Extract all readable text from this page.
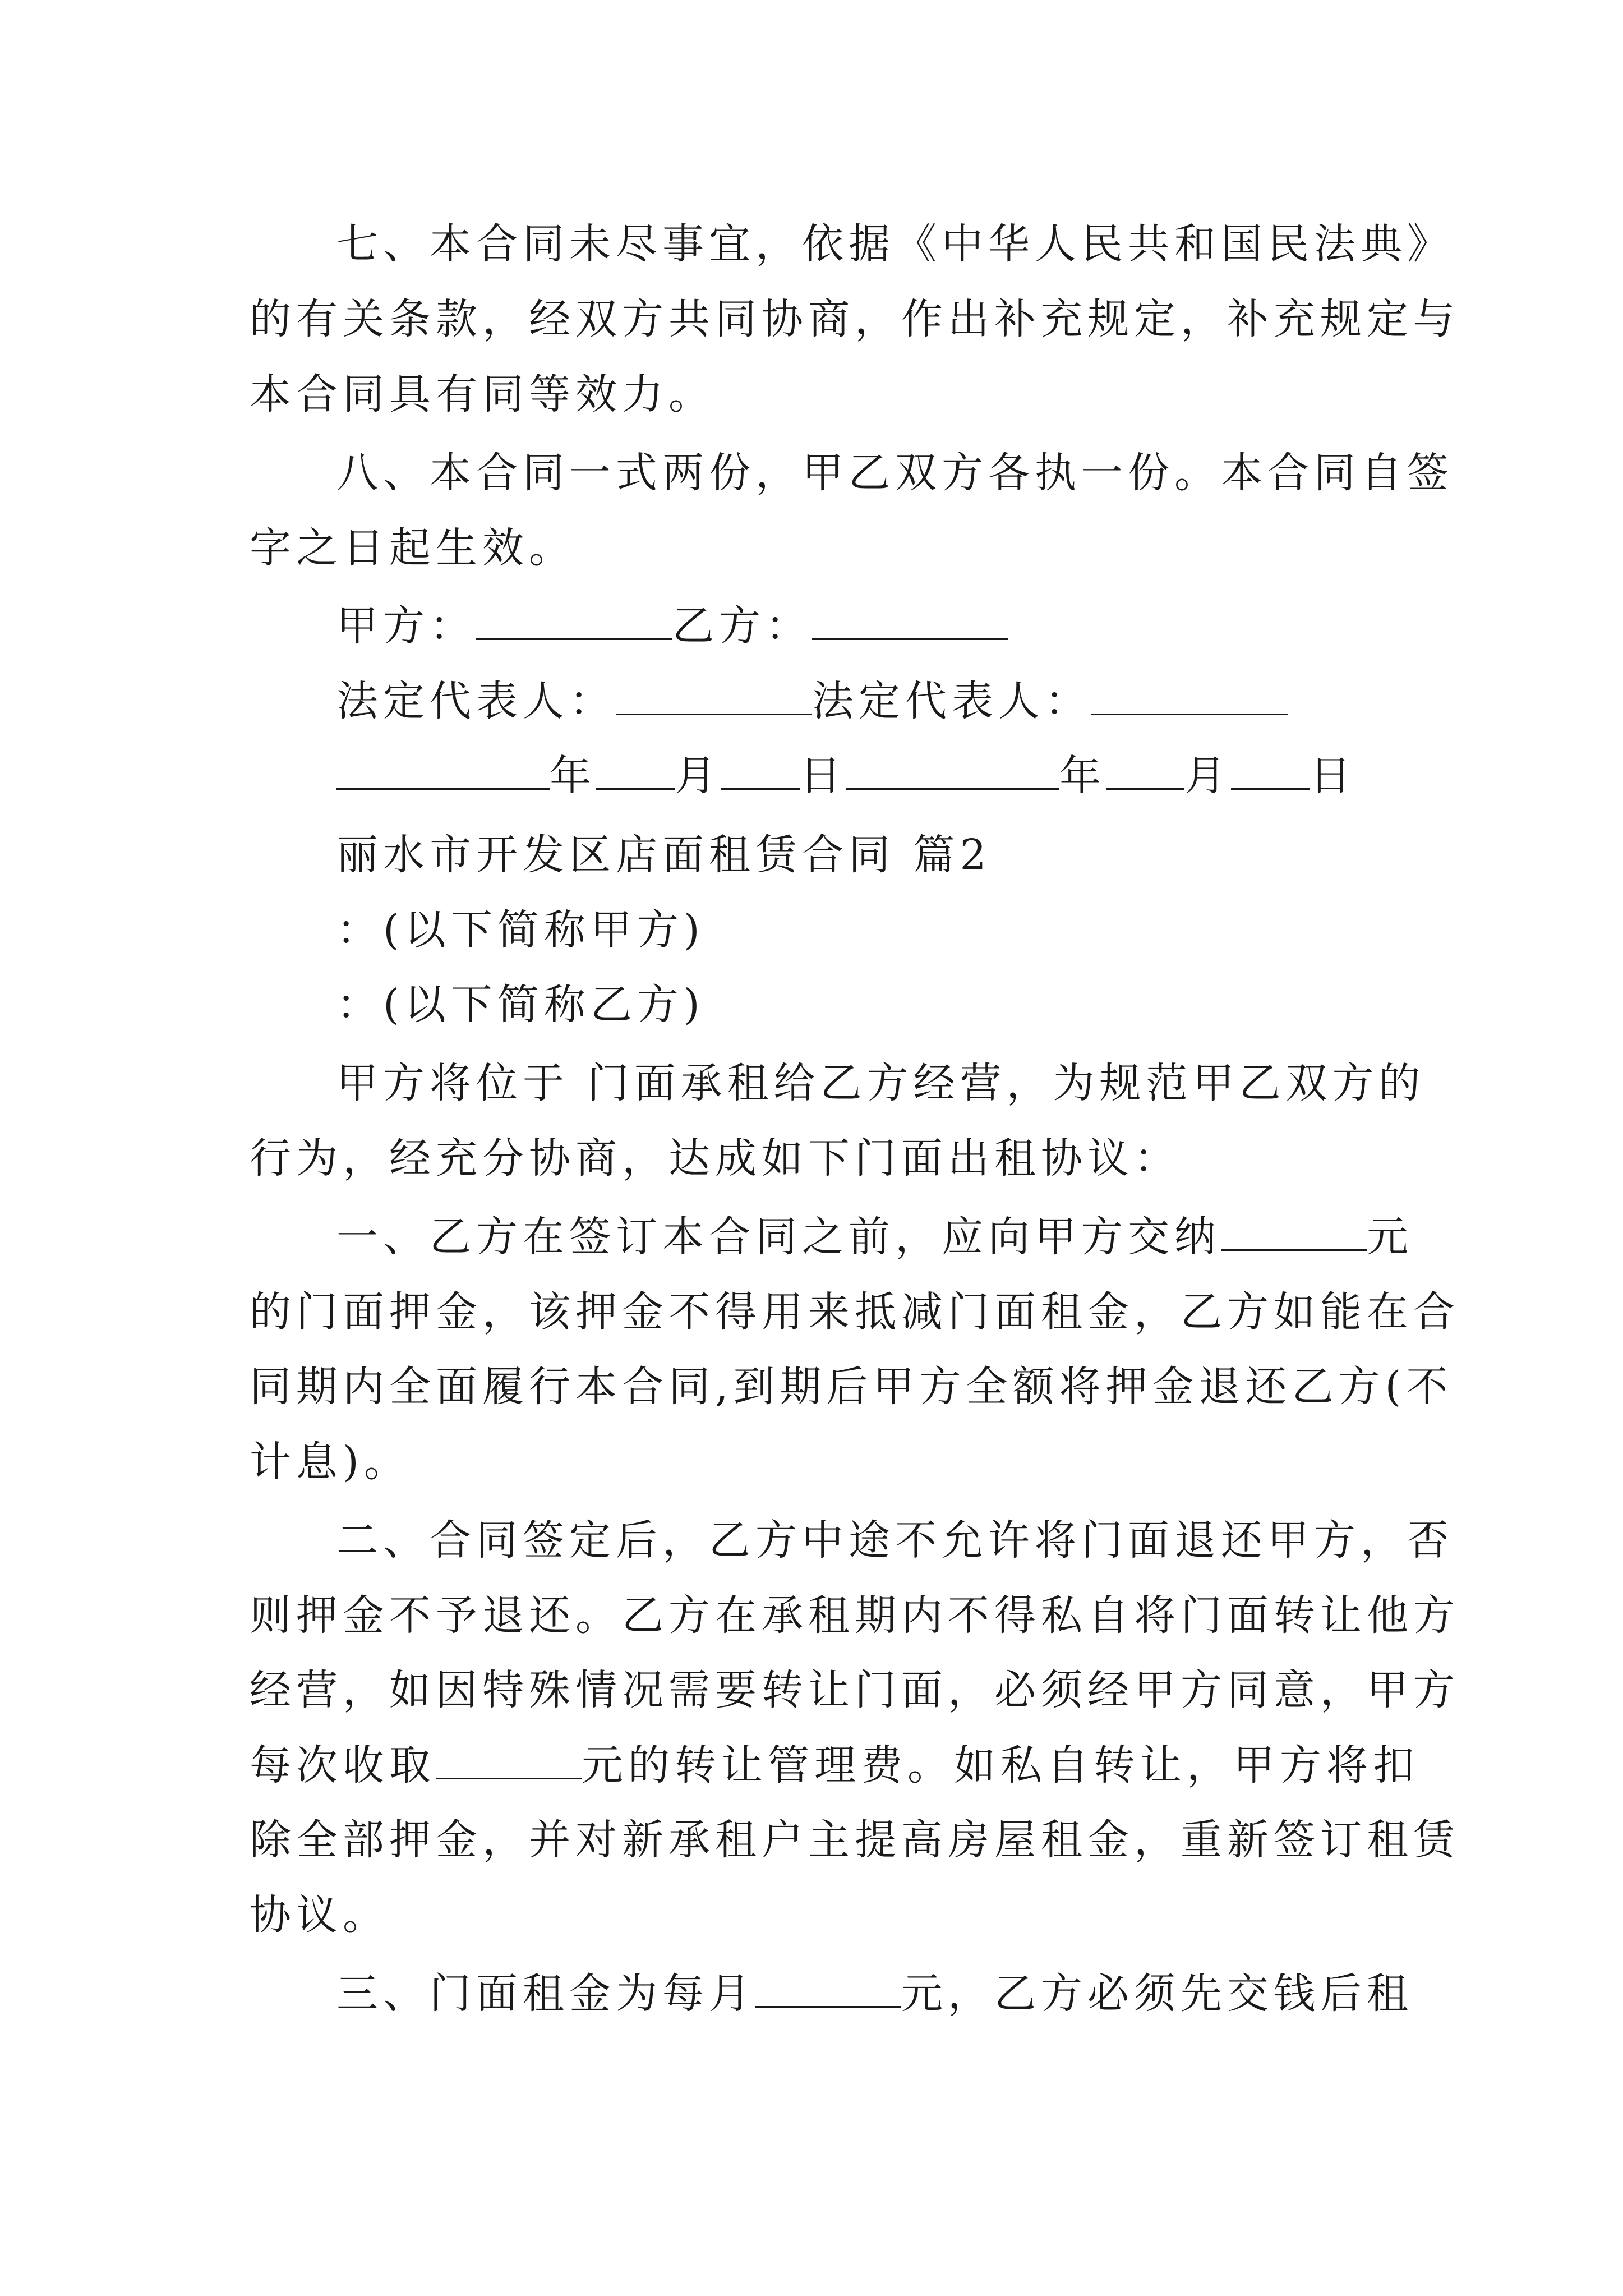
七、本合同未尽事宜，依据《中华人民共和国民法典》
的有关条款，经双方共同协商，作出补充规定，补充规定与
本合同具有同等效力。
八、本合同一式两份，甲乙双方各执一份。本合同自签
字之日起生效。
甲方：	乙方：
法定代表人：	法定代表人：
年 月 日	年 月 日
丽水市开发区店面租赁合同 篇2
：(以下简称甲方)
：(以下简称乙方)
甲方将位于 门面承租给乙方经营，为规范甲乙双方的
行为，经充分协商，达成如下门面出租协议：
一、乙方在签订本合同之前，应向甲方交纳	元
的门面押金，该押金不得用来抵减门面租金，乙方如能在合
同期内全面履行本合同,到期后甲方全额将押金退还乙方(不
计息)。
二、合同签定后，乙方中途不允许将门面退还甲方，否
则押金不予退还。乙方在承租期内不得私自将门面转让他方
经营，如因特殊情况需要转让门面，必须经甲方同意，甲方
每次收取	元的转让管理费。如私自转让，甲方将扣
除全部押金，并对新承租户主提高房屋租金，重新签订租赁
协议。
三、门面租金为每月	元，乙方必须先交钱后租
